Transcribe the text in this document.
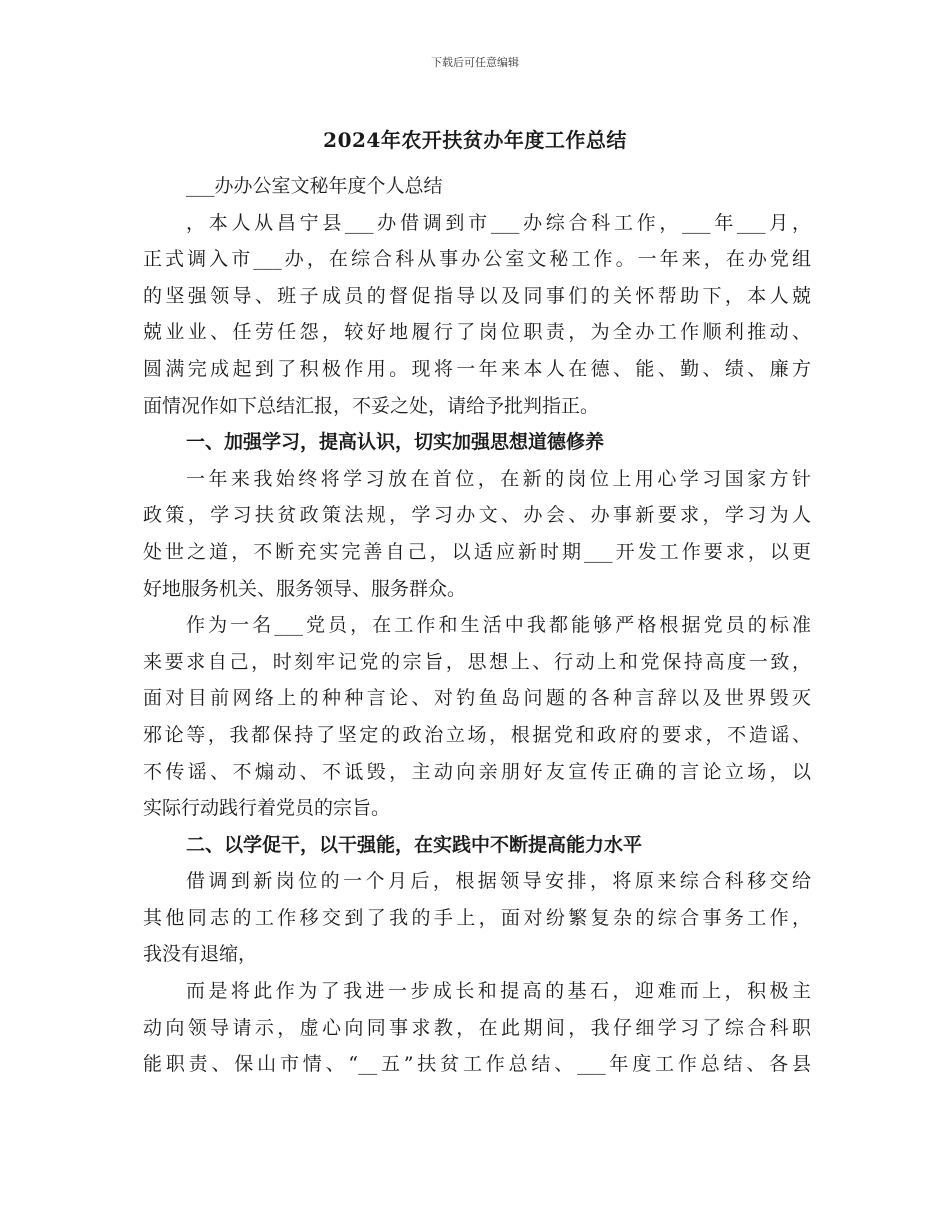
下载后可任意编辑
2024年农开扶贫办年度工作总结
___办办公室文秘年度个人总结
，本人从昌宁县___办借调到市___办综合科工作，___年___月，
正式调入市___办，在综合科从事办公室文秘工作。一年来，在办党组
的坚强领导、班子成员的督促指导以及同事们的关怀帮助下，本人兢
兢业业、任劳任怨，较好地履行了岗位职责，为全办工作顺利推动、
圆满完成起到了积极作用。现将一年来本人在德、能、勤、绩、廉方
面情况作如下总结汇报，不妥之处，请给予批判指正。
一、加强学习，提高认识，切实加强思想道德修养
一年来我始终将学习放在首位，在新的岗位上用心学习国家方针
政策，学习扶贫政策法规，学习办文、办会、办事新要求，学习为人
处世之道，不断充实完善自己，以适应新时期___开发工作要求，以更
好地服务机关、服务领导、服务群众。
作为一名___党员，在工作和生活中我都能够严格根据党员的标准
来要求自己，时刻牢记党的宗旨，思想上、行动上和党保持高度一致，
面对目前网络上的种种言论、对钓鱼岛问题的各种言辞以及世界毁灭
邪论等，我都保持了坚定的政治立场，根据党和政府的要求，不造谣、
不传谣、不煽动、不诋毁，主动向亲朋好友宣传正确的言论立场，以
实际行动践行着党员的宗旨。
二、以学促干，以干强能，在实践中不断提高能力水平
借调到新岗位的一个月后，根据领导安排，将原来综合科移交给
其他同志的工作移交到了我的手上，面对纷繁复杂的综合事务工作，
我没有退缩，
而是将此作为了我进一步成长和提高的基石，迎难而上，积极主
动向领导请示，虚心向同事求教，在此期间，我仔细学习了综合科职
能职责、保山市情、“__五”扶贫工作总结、___年度工作总结、各县
